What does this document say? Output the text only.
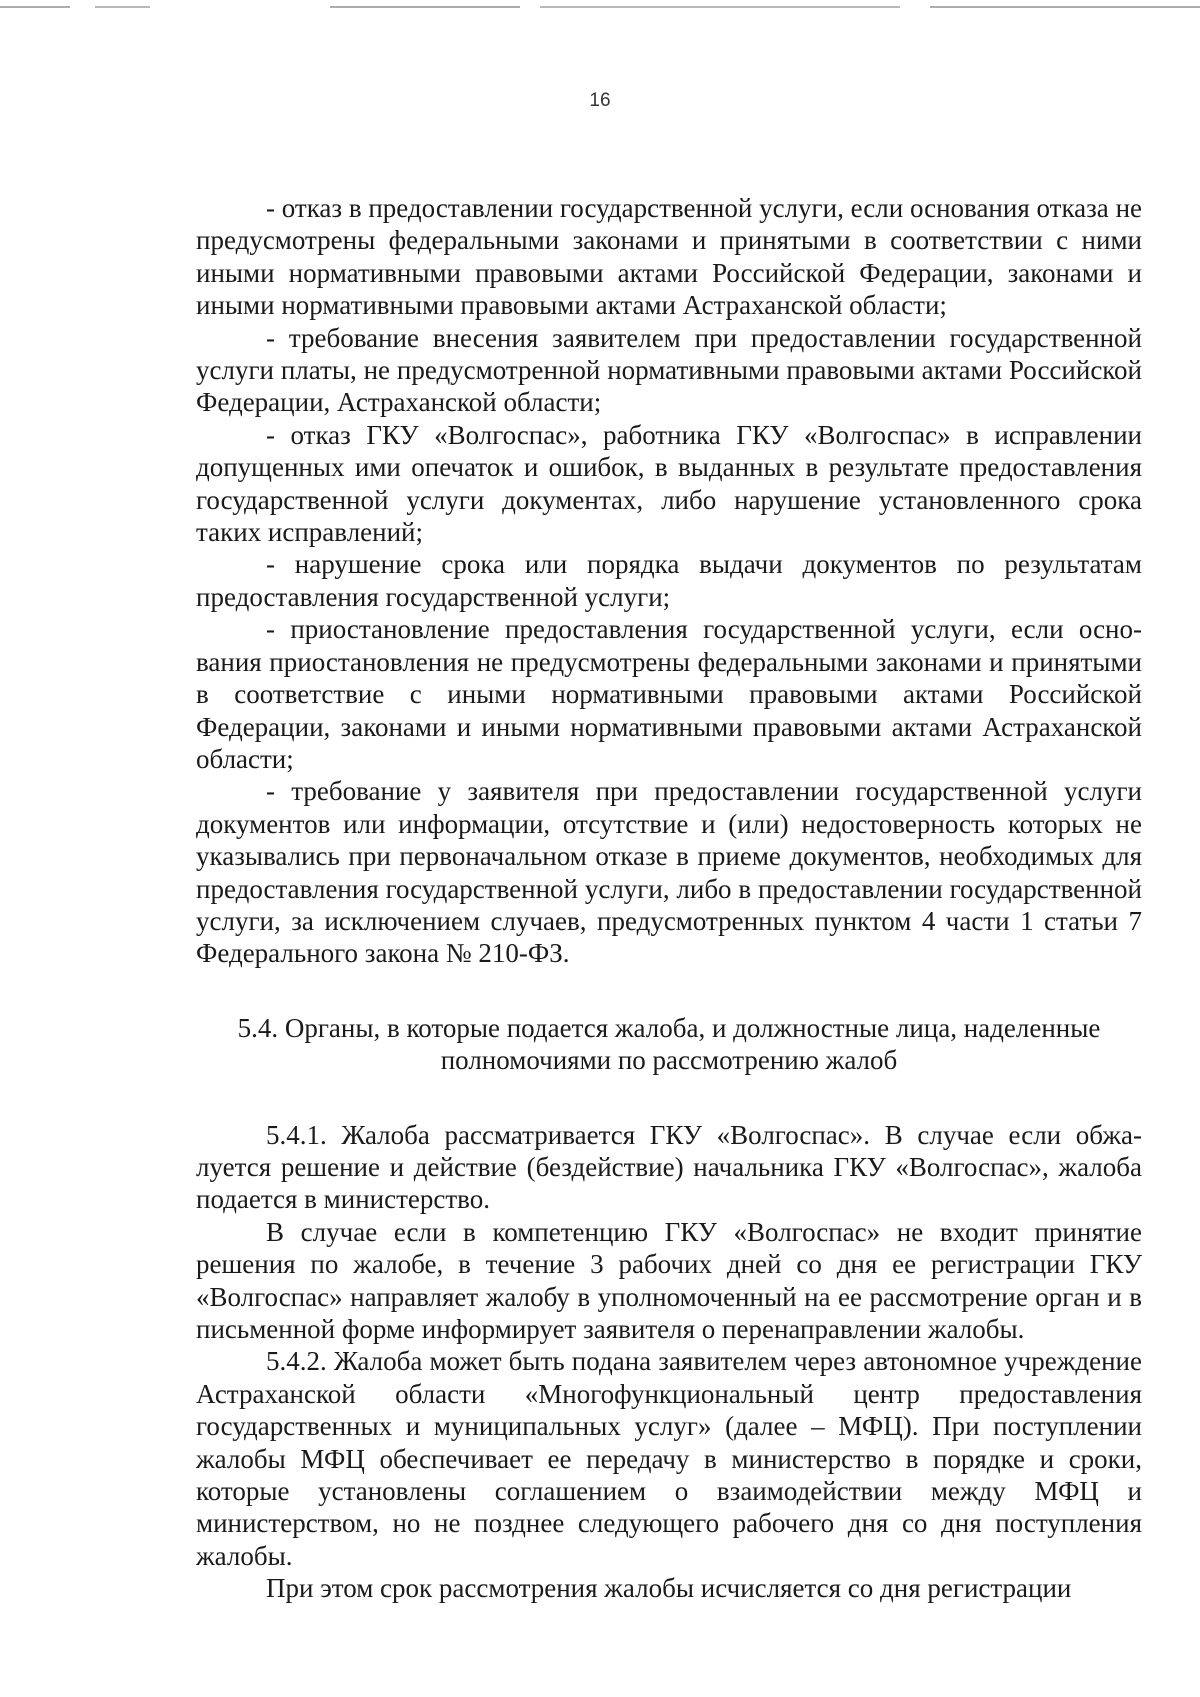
16

- отказ в предоставлении государственной услуги, если основания отказа не предусмотрены федеральными законами и принятыми в соответствии с ними иными нормативными правовыми актами Российской Федерации, законами и иными нормативными правовыми актами Астраханской области;

- требование внесения заявителем при предоставлении государственной услуги платы, не предусмотренной нормативными правовыми актами Российской Федерации, Астраханской области;

- отказ ГКУ «Волгоспас», работника ГКУ «Волгоспас» в исправлении допущенных ими опечаток и ошибок, в выданных в результате предоставления государственной услуги документах, либо нарушение установленного срока таких исправлений;

- нарушение срока или порядка выдачи документов по результатам предоставления государственной услуги;

- приостановление предоставления государственной услуги, если основания приостановления не предусмотрены федеральными законами и принятыми в соответствие с иными нормативными правовыми актами Российской Федерации, законами и иными нормативными правовыми актами Астраханской области;

- требование у заявителя при предоставлении государственной услуги документов или информации, отсутствие и (или) недостоверность которых не указывались при первоначальном отказе в приеме документов, необходимых для предоставления государственной услуги, либо в предоставлении государственной услуги, за исключением случаев, предусмотренных пунктом 4 части 1 статьи 7 Федерального закона № 210-ФЗ.

5.4. Органы, в которые подается жалоба, и должностные лица, наделенные полномочиями по рассмотрению жалоб

5.4.1. Жалоба рассматривается ГКУ «Волгоспас». В случае если обжалуется решение и действие (бездействие) начальника ГКУ «Волгоспас», жалоба подается в министерство.

В случае если в компетенцию ГКУ «Волгоспас» не входит принятие решения по жалобе, в течение 3 рабочих дней со дня ее регистрации ГКУ «Волгоспас» направляет жалобу в уполномоченный на ее рассмотрение орган и в письменной форме информирует заявителя о перенаправлении жалобы.

5.4.2. Жалоба может быть подана заявителем через автономное учреждение Астраханской области «Многофункциональный центр предоставления государственных и муниципальных услуг» (далее – МФЦ). При поступлении жалобы МФЦ обеспечивает ее передачу в министерство в порядке и сроки, которые установлены соглашением о взаимодействии между МФЦ и министерством, но не позднее следующего рабочего дня со дня поступления жалобы.

При этом срок рассмотрения жалобы исчисляется со дня регистрации
